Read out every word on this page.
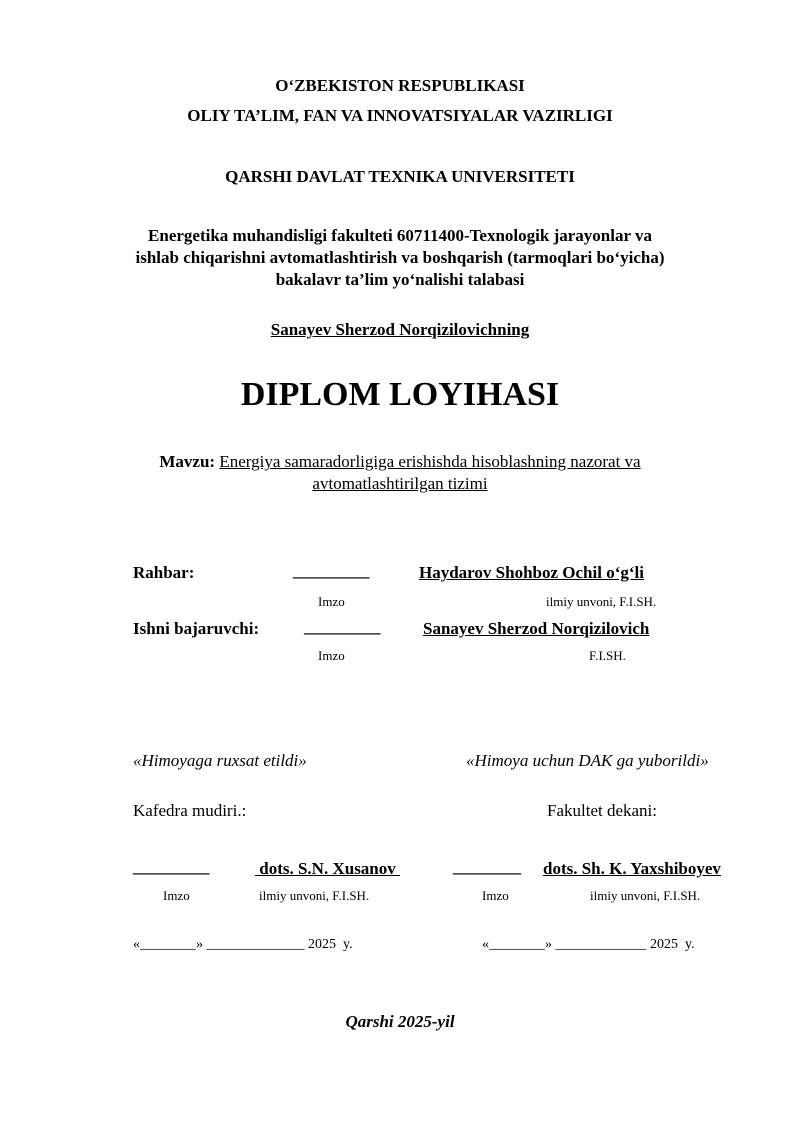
O‘ZBEKISTON RESPUBLIKASI
OLIY TA’LIM, FAN VA INNOVATSIYALAR VAZIRLIGI
QARSHI DAVLAT TEXNIKA UNIVERSITETI
Energetika muhandisligi fakulteti 60711400-Texnologik jarayonlar va
ishlab chiqarishni avtomatlashtirish va boshqarish (tarmoqlari bo‘yicha)
bakalavr ta’lim yo‘nalishi talabasi
Sanayev Sherzod Norqizilovichning
DIPLOM LOYIHASI
Mavzu: Energiya samaradorligiga erishishda hisoblashning nazorat va
avtomatlashtirilgan tizimi
Rahbar:	_________	Haydarov Shohboz Ochil o‘g‘li
Imzo	ilmiy unvoni, F.I.SH.
Ishni bajaruvchi:	_________	Sanayev Sherzod Norqizilovich
Imzo	F.I.SH.
«Himoyaga ruxsat etildi»	«Himoya uchun DAK ga yuborildi»
Kafedra mudiri.:	Fakultet dekani:
_________	dots. S.N. Xusanov	________ dots. Sh. K. Yaxshiboyev
Imzo	ilmiy unvoni, F.I.SH.	Imzo	ilmiy unvoni, F.I.SH.
«________» ______________ 2025  y.	«________» _____________ 2025  y.
Qarshi 2025-yil
